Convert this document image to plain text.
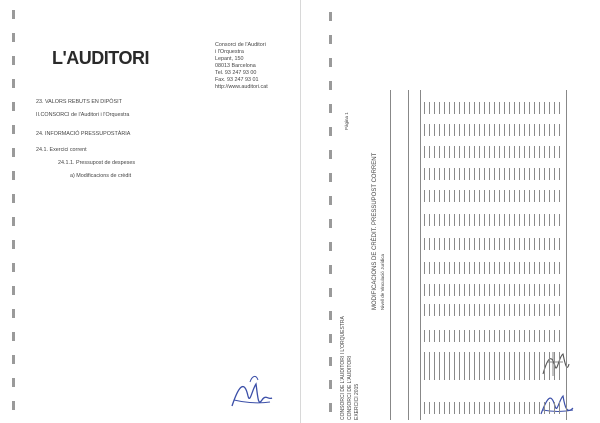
L'AUDITORI
Consorci de l'Auditori
i l'Orquestra
Lepant, 150
08013 Barcelona
Tel. 93 247 93 00
Fax. 93 247 93 01
http://www.auditori.cat
23. VALORS REBUTS EN DIPÒSIT
II.CONSORCI de l'Auditori i l'Orquestra
24. INFORMACIÓ PRESSUPOSTÀRIA
24.1. Exercici corrent
24.1.1. Pressupost de despeses
a) Modificacions de crèdit
CONSORCI DE L'AUDITORI I L'ORQUESTRA CONSORCI DE L'AUDITORI EXERCICI 2015
MODIFICACIONS DE CRÈDIT. PRESSUPOST CORRENT Nivell de Vinculació Jurídica
Pàgina 1
